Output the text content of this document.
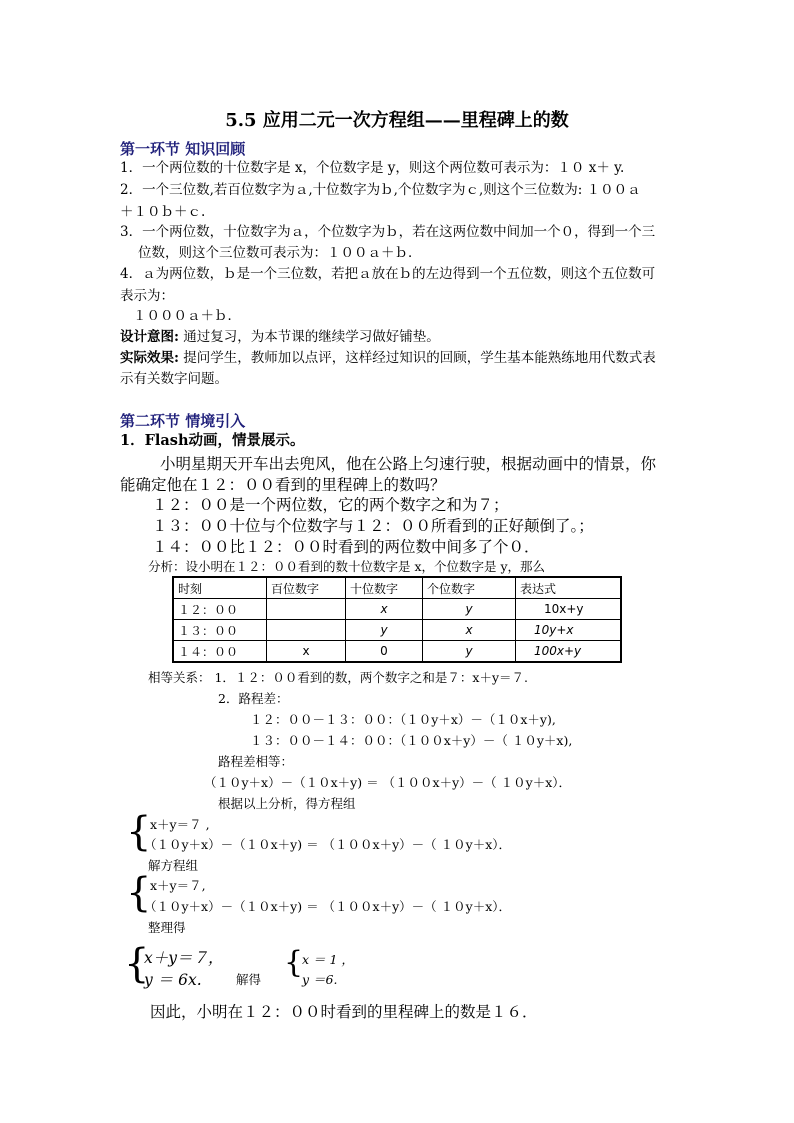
5.5 应用二元一次方程组——里程碑上的数
第一环节 知识回顾
1．一个两位数的十位数字是 x，个位数字是 y，则这个两位数可表示为：１０ x＋ y.
2．一个三位数,若百位数字为ａ,十位数字为ｂ,个位数字为ｃ,则这个三位数为: １００ａ
＋１０ｂ＋ｃ.
3．一个两位数，十位数字为ａ，个位数字为ｂ，若在这两位数中间加一个０，得到一个三
位数，则这个三位数可表示为：１００ａ＋ｂ．
4．ａ为两位数，ｂ是一个三位数，若把ａ放在ｂ的左边得到一个五位数，则这个五位数可
表示为：
１０００ａ＋ｂ．
设计意图: 通过复习，为本节课的继续学习做好铺垫。
实际效果: 提问学生，教师加以点评，这样经过知识的回顾，学生基本能熟练地用代数式表
示有关数字问题。
第二环节 情境引入
1．Flash动画，情景展示。
小明星期天开车出去兜风，他在公路上匀速行驶，根据动画中的情景，你
能确定他在１２：００看到的里程碑上的数吗？
１２：００是一个两位数，它的两个数字之和为７；
１３：００十位与个位数字与１２：００所看到的正好颠倒了。；
１４：００比１２：００时看到的两位数中间多了个０．
分析：设小明在１２：００看到的数十位数字是 x，个位数字是 y，那么
时刻	百位数字	十位数字	个位数字	表达式
１２：００		x	y	10x+y
１３：００		y	x	10y+x
１４：００	x	0	y	100x+y
相等关系： 1．１２：００看到的数，两个数字之和是７：x＋y＝７.
2．路程差：
１２：００－１３：００：（１０y＋x）－（１０x＋y),
１３：００－１４：００：（１００x＋y）－（ １０y＋x),
路程差相等：
（１０y＋x）－（１０x＋y) ＝ （１００x＋y）－（ １０y＋x）．
根据以上分析，得方程组
{
x＋y＝７ ,
（１０y＋x）－（１０x＋y) ＝ （１００x＋y）－（ １０y＋x）．
解方程组
{
x＋y＝７,
（１０y＋x）－（１０x＋y) ＝ （１００x＋y）－（ １０y＋x）．
整理得
{
x＋y＝７，
y ＝ 6x.	解得 {
x ＝ 1 ，
y ＝6.
因此，小明在１２：００时看到的里程碑上的数是１６．
